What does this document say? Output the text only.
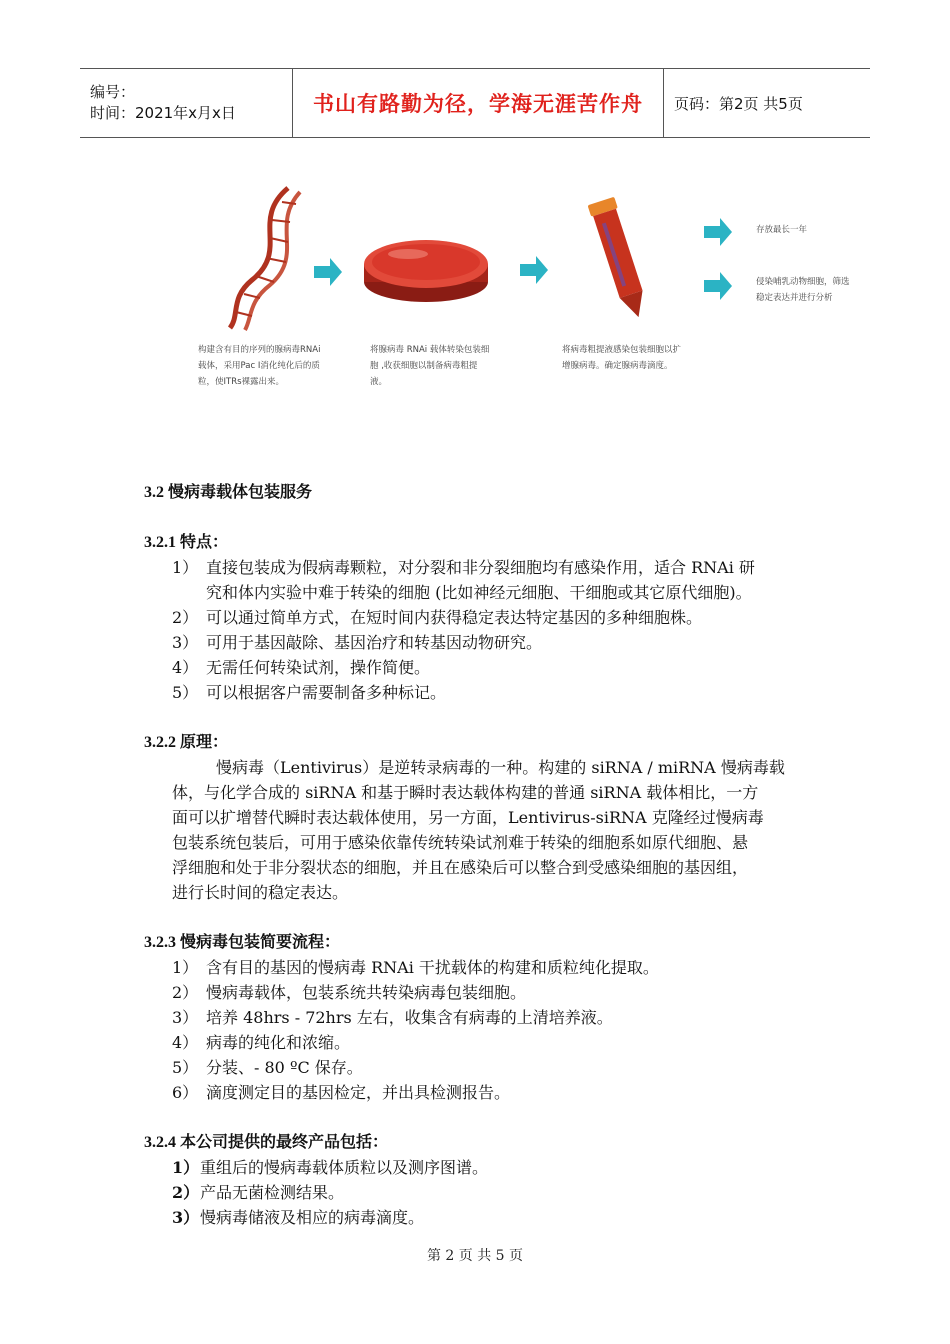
编号：
时间：2021年x月x日	书山有路勤为径，学海无涯苦作舟 页码：第2页 共5页
存放最长一年
侵染哺乳动物细胞，筛选稳定表达并进行分析
构建含有目的序列的腺病毒RNAi载体，采用Pac Ⅰ消化纯化后的质粒，使ITRs裸露出来。
将腺病毒 RNAi 载体转染包装细胞 ,收获细胞以制备病毒粗提液。
将病毒粗提液感染包装细胞以扩增腺病毒。确定腺病毒滴度。
3.2 慢病毒载体包装服务
3.2.1 特点：
1） 直接包装成为假病毒颗粒，对分裂和非分裂细胞均有感染作用，适合 RNAi 研
究和体内实验中难于转染的细胞 (比如神经元细胞、干细胞或其它原代细胞)。
2） 可以通过简单方式，在短时间内获得稳定表达特定基因的多种细胞株。
3） 可用于基因敲除、基因治疗和转基因动物研究。
4） 无需任何转染试剂，操作简便。
5） 可以根据客户需要制备多种标记。
3.2.2 原理：
慢病毒（Lentivirus）是逆转录病毒的一种。构建的 siRNA / miRNA 慢病毒载
体，与化学合成的 siRNA 和基于瞬时表达载体构建的普通 siRNA 载体相比，一方
面可以扩增替代瞬时表达载体使用，另一方面，Lentivirus-siRNA 克隆经过慢病毒
包装系统包装后，可用于感染依靠传统转染试剂难于转染的细胞系如原代细胞、悬
浮细胞和处于非分裂状态的细胞，并且在感染后可以整合到受感染细胞的基因组，
进行长时间的稳定表达。
3.2.3 慢病毒包装简要流程：
1） 含有目的基因的慢病毒 RNAi 干扰载体的构建和质粒纯化提取。
2） 慢病毒载体，包装系统共转染病毒包装细胞。
3） 培养 48hrs - 72hrs 左右，收集含有病毒的上清培养液。
4） 病毒的纯化和浓缩。
5） 分装、- 80 ºC 保存。
6） 滴度测定目的基因检定，并出具检测报告。
3.2.4 本公司提供的最终产品包括：
1） 重组后的慢病毒载体质粒以及测序图谱。
2） 产品无菌检测结果。
3） 慢病毒储液及相应的病毒滴度。
第 2 页 共 5 页
